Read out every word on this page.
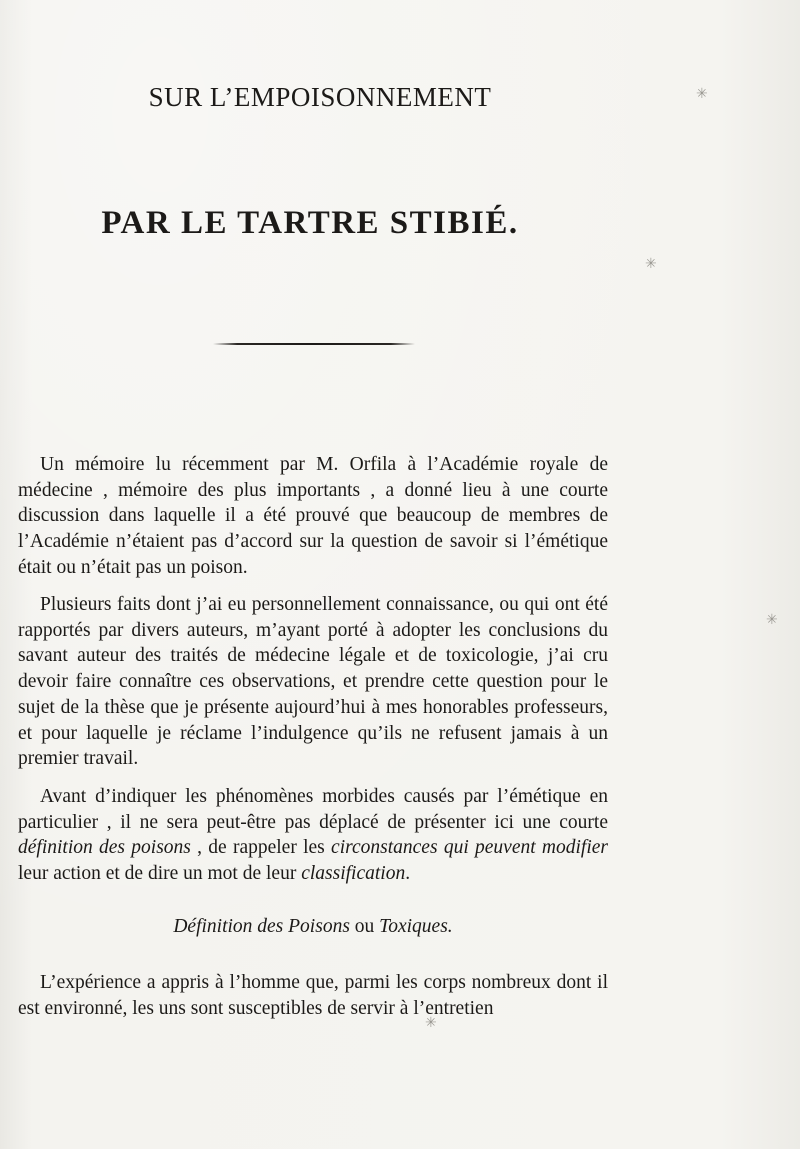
SUR L’EMPOISONNEMENT
PAR LE TARTRE STIBIÉ.

Un mémoire lu récemment par M. Orfila à l’Académie royale de médecine , mémoire des plus importants , a donné lieu à une courte discussion dans laquelle il a été prouvé que beaucoup de membres de l’Académie n’étaient pas d’accord sur la question de savoir si l’émétique était ou n’était pas un poison.

Plusieurs faits dont j’ai eu personnellement connaissance, ou qui ont été rapportés par divers auteurs, m’ayant porté à adopter les conclusions du savant auteur des traités de médecine légale et de toxicologie, j’ai cru devoir faire connaître ces observations, et prendre cette question pour le sujet de la thèse que je présente aujourd’hui à mes honorables professeurs, et pour laquelle je réclame l’indulgence qu’ils ne refusent jamais à un premier travail.

Avant d’indiquer les phénomènes morbides causés par l’émétique en particulier , il ne sera peut-être pas déplacé de présenter ici une courte définition des poisons , de rappeler les circonstances qui peuvent modifier leur action et de dire un mot de leur classification.

Définition des Poisons ou Toxiques.

L’expérience a appris à l’homme que, parmi les corps nombreux dont il est environné, les uns sont susceptibles de servir à l’entretien

✳
✳
✳
✳
